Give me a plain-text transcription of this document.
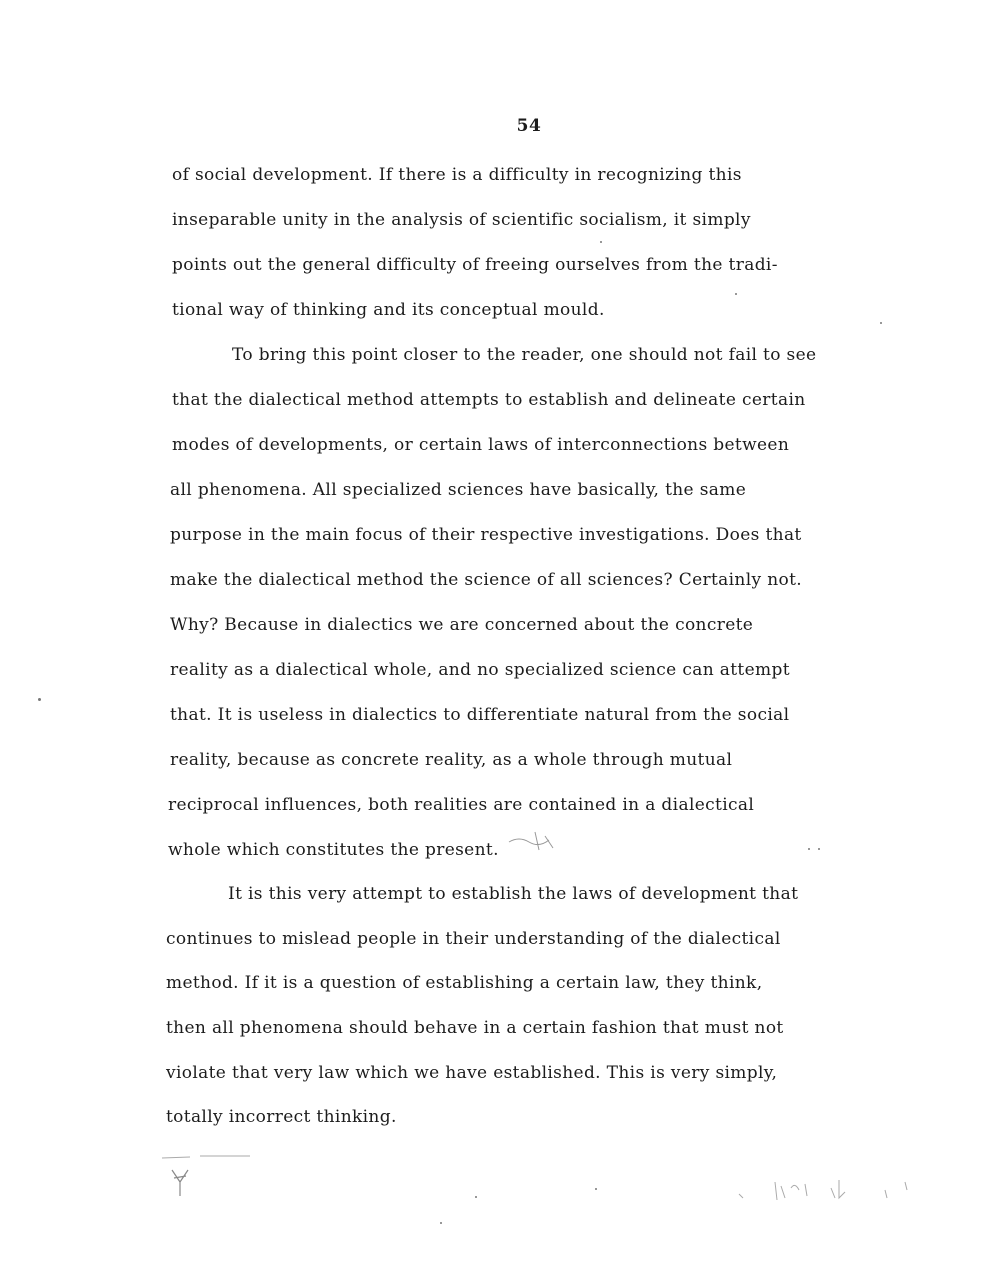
54
of social development. If there is a difficulty in recognizing this
inseparable unity in the analysis of scientific socialism, it simply
points out the general difficulty of freeing ourselves from the tradi-
tional way of thinking and its conceptual mould.
To bring this point closer to the reader, one should not fail to see
that the dialectical method attempts to establish and delineate certain
modes of developments, or certain laws of interconnections between
all phenomena. All specialized sciences have basically, the same
purpose in the main focus of their respective investigations. Does that
make the dialectical method the science of all sciences? Certainly not.
Why? Because in dialectics we are concerned about the concrete
reality as a dialectical whole, and no specialized science can attempt
that. It is useless in dialectics to differentiate natural from the social
reality, because as concrete reality, as a whole through mutual
reciprocal influences, both realities are contained in a dialectical
whole which constitutes the present.
It is this very attempt to establish the laws of development that
continues to mislead people in their understanding of the dialectical
method. If it is a question of establishing a certain law, they think,
then all phenomena should behave in a certain fashion that must not
violate that very law which we have established. This is very simply,
totally incorrect thinking.
